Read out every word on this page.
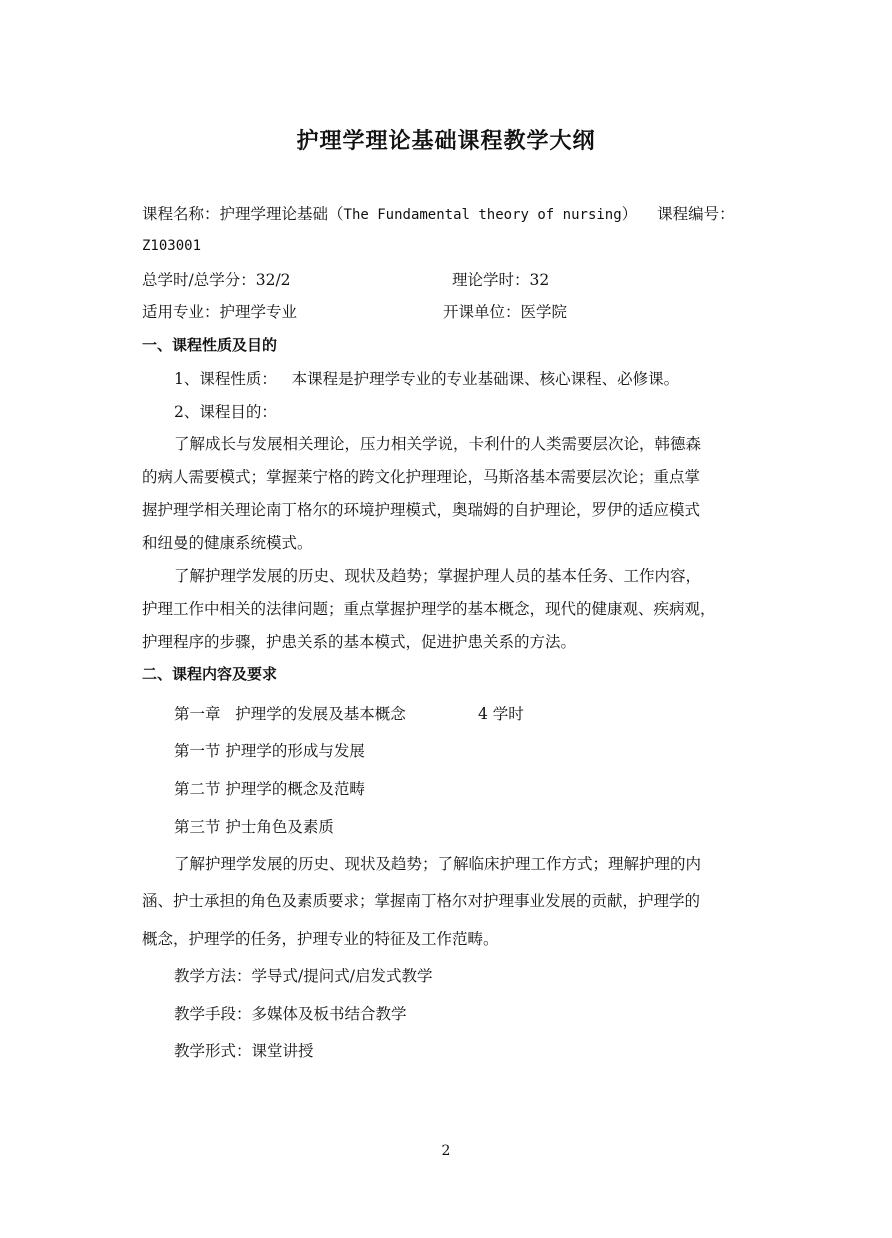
护理学理论基础课程教学大纲
课程名称：护理学理论基础（The Fundamental theory of nursing） 课程编号：
Z103001
总学时/总学分：32/2	理论学时：32
适用专业：护理学专业	开课单位：医学院
一、课程性质及目的
1、课程性质：   本课程是护理学专业的专业基础课、核心课程、必修课。
2、课程目的：
了解成长与发展相关理论，压力相关学说，卡利什的人类需要层次论，韩德森
的病人需要模式；掌握莱宁格的跨文化护理理论，马斯洛基本需要层次论；重点掌
握护理学相关理论南丁格尔的环境护理模式，奥瑞姆的自护理论，罗伊的适应模式
和纽曼的健康系统模式。
了解护理学发展的历史、现状及趋势；掌握护理人员的基本任务、工作内容，
护理工作中相关的法律问题；重点掌握护理学的基本概念，现代的健康观、疾病观，
护理程序的步骤，护患关系的基本模式，促进护患关系的方法。
二、课程内容及要求
第一章   护理学的发展及基本概念	4 学时
第一节 护理学的形成与发展
第二节 护理学的概念及范畴
第三节 护士角色及素质
了解护理学发展的历史、现状及趋势；了解临床护理工作方式；理解护理的内
涵、护士承担的角色及素质要求；掌握南丁格尔对护理事业发展的贡献，护理学的
概念，护理学的任务，护理专业的特征及工作范畴。
教学方法：学导式/提问式/启发式教学
教学手段：多媒体及板书结合教学
教学形式：课堂讲授
2
